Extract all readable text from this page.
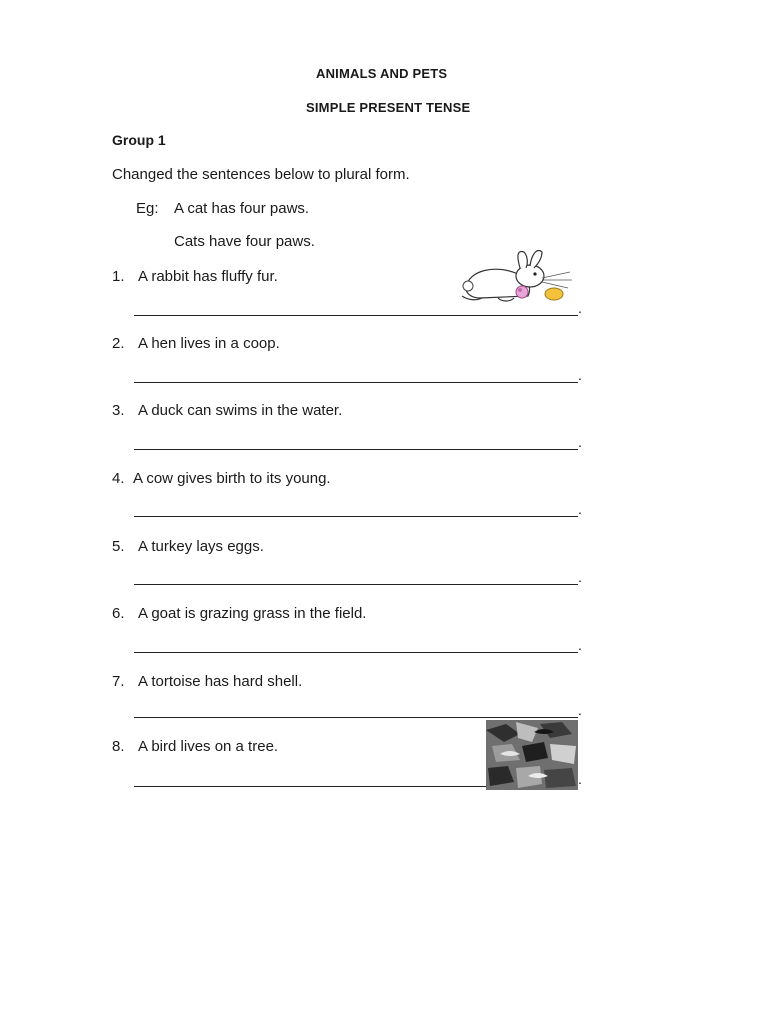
ANIMALS AND PETS
SIMPLE PRESENT TENSE
Group 1
Changed the sentences below to plural form.
Eg: A cat has four paws.
Cats have four paws.
1. A rabbit has fluffy fur.
.
2. A hen lives in a coop.
.
3. A duck can swims in the water.
.
4. A cow gives birth to its young.
.
5. A turkey lays eggs.
.
6. A goat is grazing grass in the field.
.
7. A tortoise has hard shell.
.
8. A bird lives on a tree.
.
